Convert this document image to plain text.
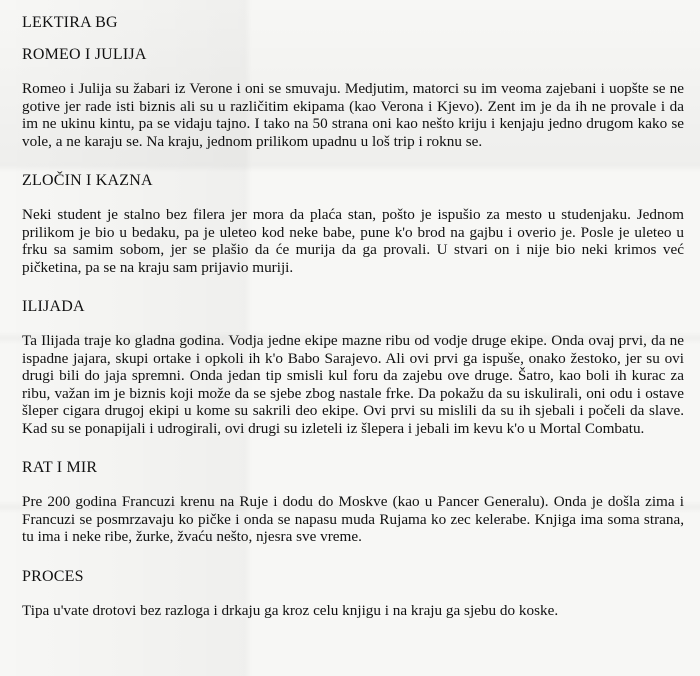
LEKTIRA BG
ROMEO I JULIJA
Romeo i Julija su žabari iz Verone i oni se smuvaju. Medjutim, matorci su im veoma zajebani i uopšte se ne gotive jer rade isti biznis ali su u različitim ekipama (kao Verona i Kjevo). Zent im je da ih ne provale i da im ne ukinu kintu, pa se vidaju tajno. I tako na 50 strana oni kao nešto kriju i kenjaju jedno drugom kako se vole, a ne karaju se. Na kraju, jednom prilikom upadnu u loš trip i roknu se.
ZLOČIN I KAZNA
Neki student je stalno bez filera jer mora da plaća stan, pošto je ispušio za mesto u studenjaku. Jednom prilikom je bio u bedaku, pa je uleteo kod neke babe, pune k'o brod na gajbu i overio je. Posle je uleteo u frku sa samim sobom, jer se plašio da će murija da ga provali. U stvari on i nije bio neki krimos već pičketina, pa se na kraju sam prijavio muriji.
ILIJADA
Ta Ilijada traje ko gladna godina. Vodja jedne ekipe mazne ribu od vodje druge ekipe. Onda ovaj prvi, da ne ispadne jajara, skupi ortake i opkoli ih k'o Babo Sarajevo. Ali ovi prvi ga ispuše, onako žestoko, jer su ovi drugi bili do jaja spremni. Onda jedan tip smisli kul foru da zajebu ove druge. Šatro, kao boli ih kurac za ribu, važan im je biznis koji može da se sjebe zbog nastale frke. Da pokažu da su iskulirali, oni odu i ostave šleper cigara drugoj ekipi u kome su sakrili deo ekipe. Ovi prvi su mislili da su ih sjebali i počeli da slave. Kad su se ponapijali i udrogirali, ovi drugi su izleteli iz šlepera i jebali im kevu k'o u Mortal Combatu.
RAT I MIR
Pre 200 godina Francuzi krenu na Ruje i dodu do Moskve (kao u Pancer Generalu). Onda je došla zima i Francuzi se posmrzavaju ko pičke i onda se napasu muda Rujama ko zec kelerabe. Knjiga ima soma strana, tu ima i neke ribe, žurke, žvaću nešto, njesra sve vreme.
PROCES
Tipa u'vate drotovi bez razloga i drkaju ga kroz celu knjigu i na kraju ga sjebu do koske.
